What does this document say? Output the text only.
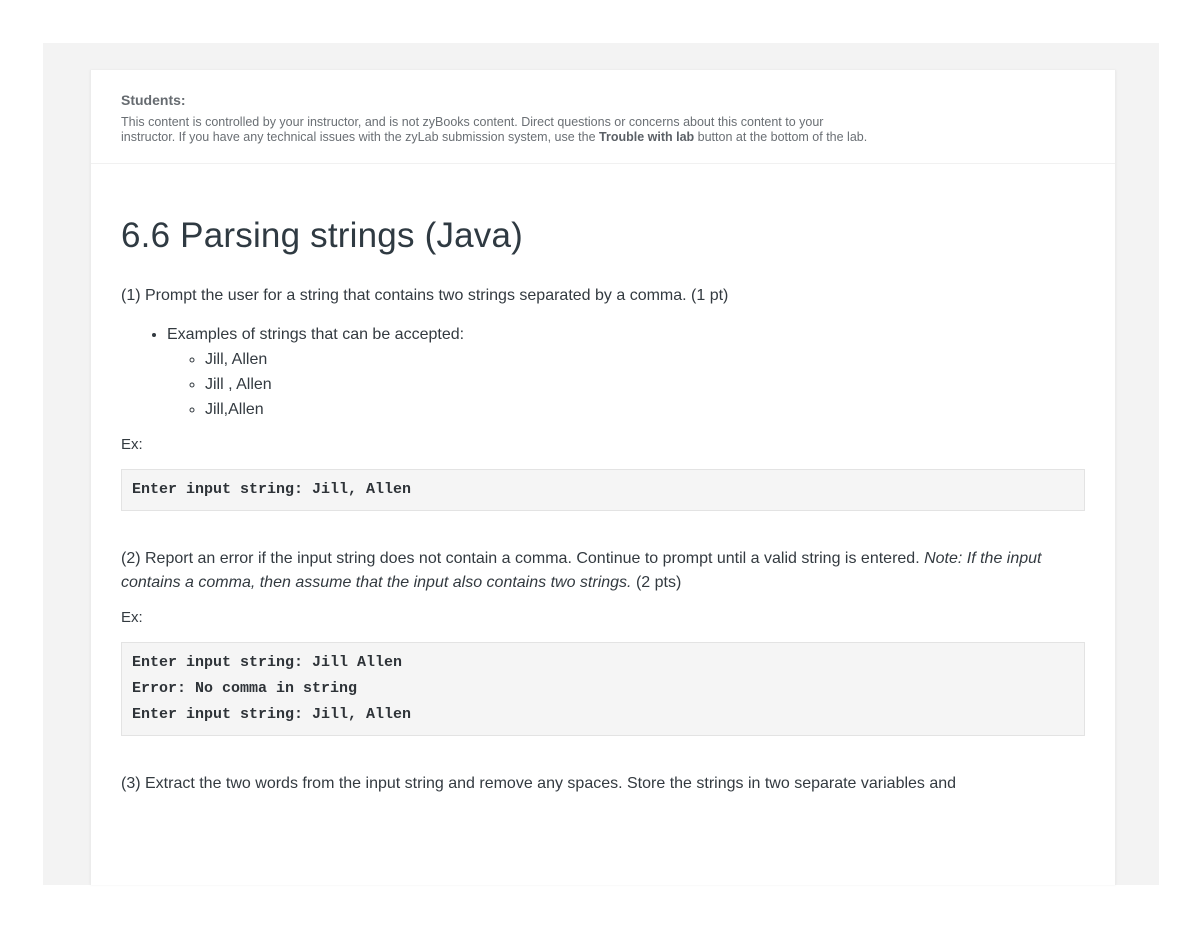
Students:

This content is controlled by your instructor, and is not zyBooks content. Direct questions or concerns about this content to your
instructor. If you have any technical issues with the zyLab submission system, use the Trouble with lab button at the bottom of the lab.

6.6 Parsing strings (Java)

(1) Prompt the user for a string that contains two strings separated by a comma. (1 pt)

• Examples of strings that can be accepted:
◦ Jill, Allen
◦ Jill , Allen
◦ Jill,Allen
Ex:
Enter input string: Jill, Allen

(2) Report an error if the input string does not contain a comma. Continue to prompt until a valid string is entered. Note: If the input contains a comma, then assume that the input also contains two strings. (2 pts)

Ex:
Enter input string: Jill Allen
Error: No comma in string
Enter input string: Jill, Allen

(3) Extract the two words from the input string and remove any spaces. Store the strings in two separate variables and
